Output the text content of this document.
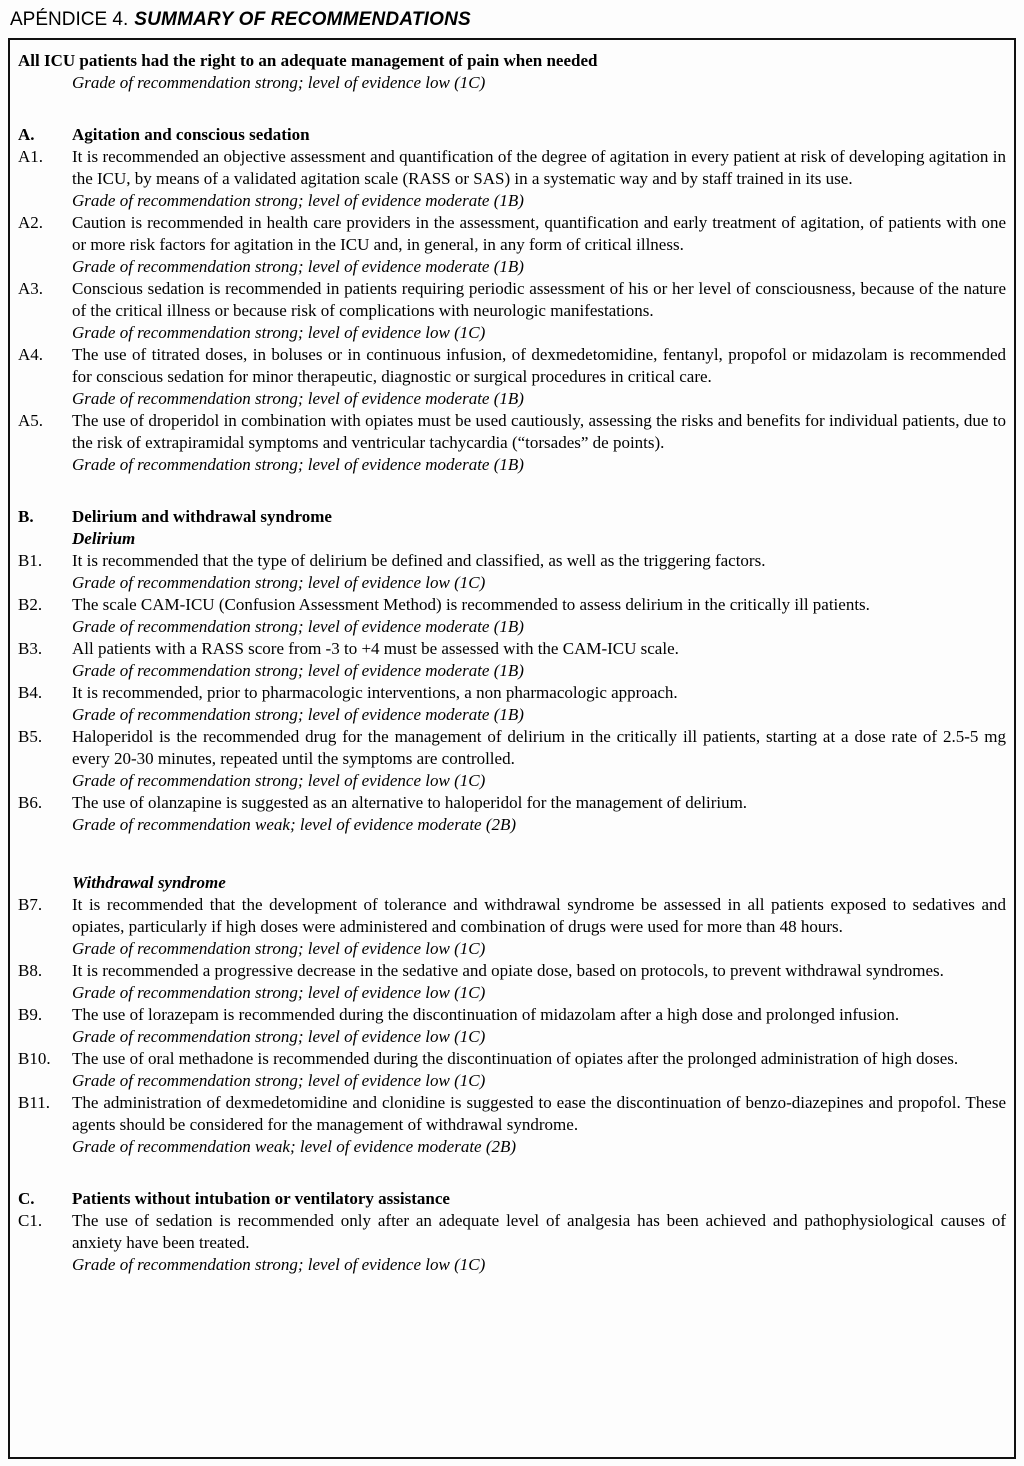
APÉNDICE 4. SUMMARY OF RECOMMENDATIONS
All ICU patients had the right to an adequate management of pain when needed
Grade of recommendation strong; level of evidence low (1C)
A.	Agitation and conscious sedation
A1.	It is recommended an objective assessment and quantification of the degree of agitation in every patient at risk of developing agitation in the ICU, by means of a validated agitation scale (RASS or SAS) in a systematic way and by staff trained in its use.
Grade of recommendation strong; level of evidence moderate (1B)
A2.	Caution is recommended in health care providers in the assessment, quantification and early treatment of agitation, of patients with one or more risk factors for agitation in the ICU and, in general, in any form of critical illness.
Grade of recommendation strong; level of evidence moderate (1B)
A3.	Conscious sedation is recommended in patients requiring periodic assessment of his or her level of consciousness, because of the nature of the critical illness or because risk of complications with neurologic manifestations.
Grade of recommendation strong; level of evidence low (1C)
A4.	The use of titrated doses, in boluses or in continuous infusion, of dexmedetomidine, fentanyl, propofol or midazolam is recommended for conscious sedation for minor therapeutic, diagnostic or surgical procedures in critical care.
Grade of recommendation strong; level of evidence moderate (1B)
A5.	The use of droperidol in combination with opiates must be used cautiously, assessing the risks and benefits for individual patients, due to the risk of extrapiramidal symptoms and ventricular tachycardia (“torsades” de points).
Grade of recommendation strong; level of evidence moderate (1B)
B.	Delirium and withdrawal syndrome
Delirium
B1.	It is recommended that the type of delirium be defined and classified, as well as the triggering factors.
Grade of recommendation strong; level of evidence low (1C)
B2.	The scale CAM-ICU (Confusion Assessment Method) is recommended to assess delirium in the critically ill patients.
Grade of recommendation strong; level of evidence moderate (1B)
B3.	All patients with a RASS score from -3 to +4 must be assessed with the CAM-ICU scale.
Grade of recommendation strong; level of evidence moderate (1B)
B4.	It is recommended, prior to pharmacologic interventions, a non pharmacologic approach.
Grade of recommendation strong; level of evidence moderate (1B)
B5.	Haloperidol is the recommended drug for the management of delirium in the critically ill patients, starting at a dose rate of 2.5-5 mg every 20-30 minutes, repeated until the symptoms are controlled.
Grade of recommendation strong; level of evidence low (1C)
B6.	The use of olanzapine is suggested as an alternative to haloperidol for the management of delirium.
Grade of recommendation weak; level of evidence moderate (2B)
Withdrawal syndrome
B7.	It is recommended that the development of tolerance and withdrawal syndrome be assessed in all patients exposed to sedatives and opiates, particularly if high doses were administered and combination of drugs were used for more than 48 hours.
Grade of recommendation strong; level of evidence low (1C)
B8.	It is recommended a progressive decrease in the sedative and opiate dose, based on protocols, to prevent withdrawal syndromes.
Grade of recommendation strong; level of evidence low (1C)
B9.	The use of lorazepam is recommended during the discontinuation of midazolam after a high dose and prolonged infusion.
Grade of recommendation strong; level of evidence low (1C)
B10.	The use of oral methadone is recommended during the discontinuation of opiates after the prolonged administration of high doses.
Grade of recommendation strong; level of evidence low (1C)
B11.	The administration of dexmedetomidine and clonidine is suggested to ease the discontinuation of benzo-diazepines and propofol. These agents should be considered for the management of withdrawal syndrome.
Grade of recommendation weak; level of evidence moderate (2B)
C.	Patients without intubation or ventilatory assistance
C1.	The use of sedation is recommended only after an adequate level of analgesia has been achieved and pathophysiological causes of anxiety have been treated.
Grade of recommendation strong; level of evidence low (1C)
